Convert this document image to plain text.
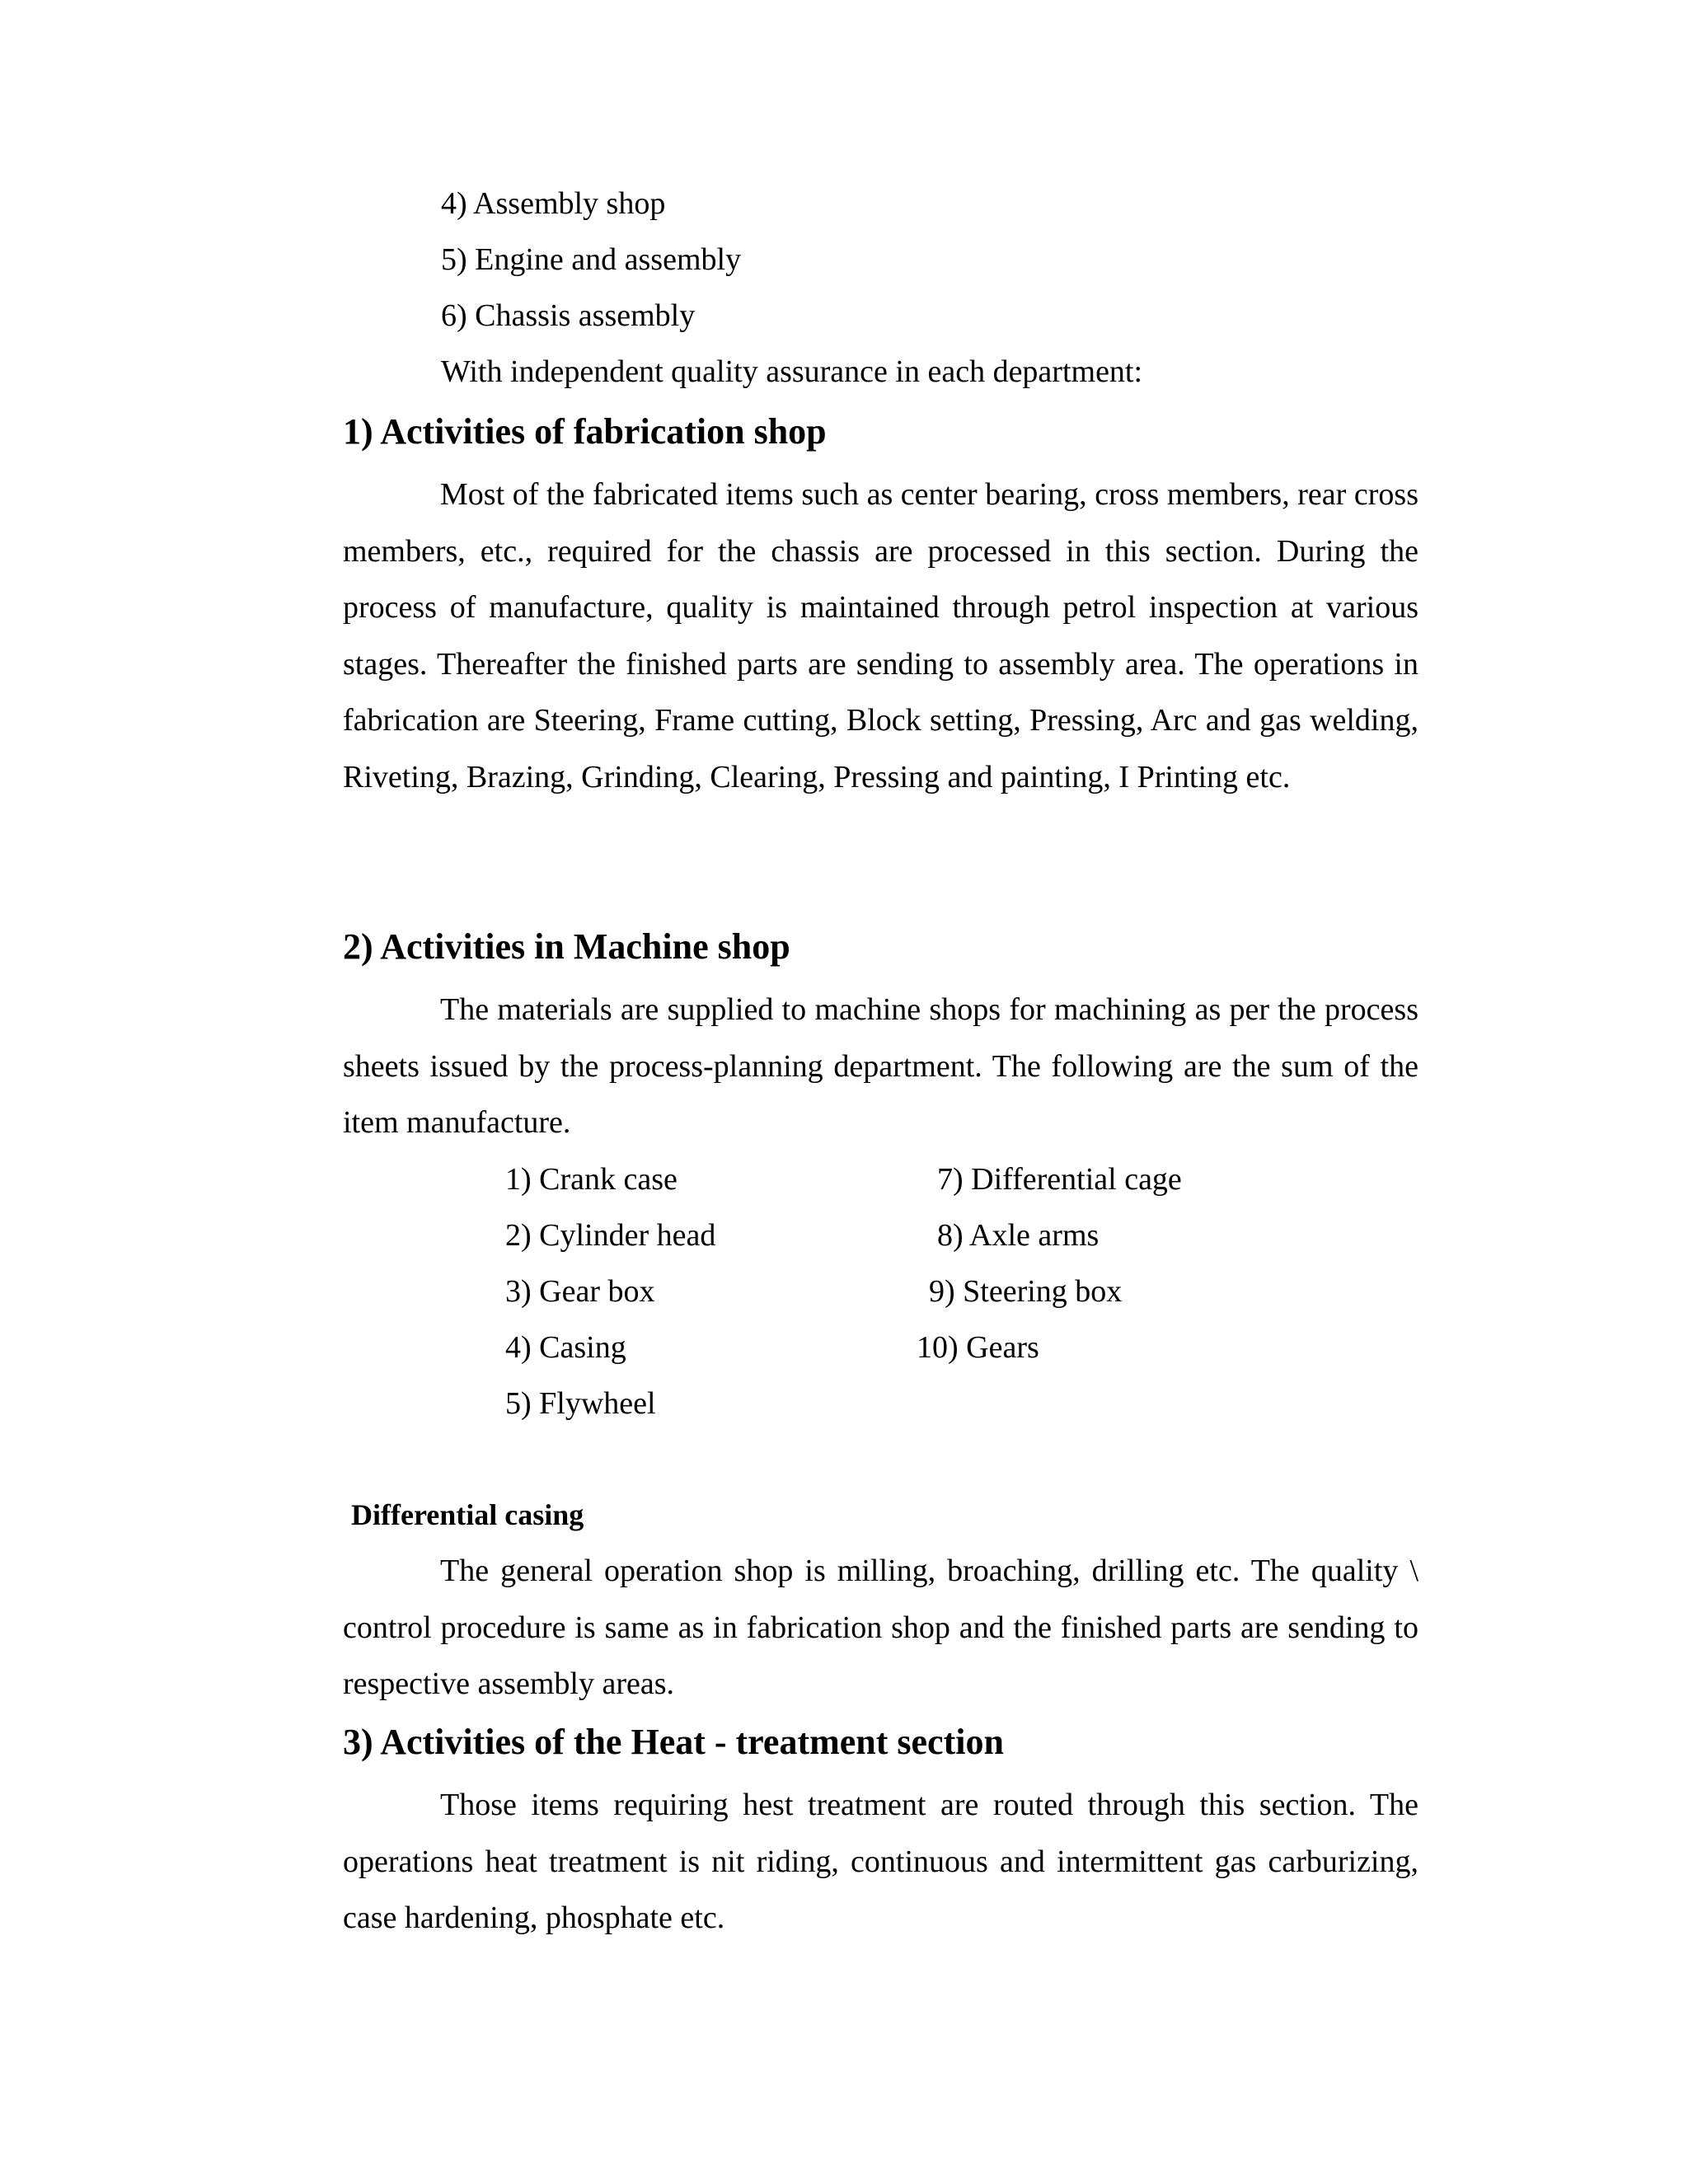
4) Assembly shop
5) Engine and assembly
6) Chassis assembly
With independent quality assurance in each department:
1) Activities of fabrication shop
Most of the fabricated items such as center bearing, cross members, rear cross members, etc., required for the chassis are processed in this section. During the process of manufacture, quality is maintained through petrol inspection at various stages. Thereafter the finished parts are sending to assembly area. The operations in fabrication are Steering, Frame cutting, Block setting, Pressing, Arc and gas welding, Riveting, Brazing, Grinding, Clearing, Pressing and painting, I Printing etc.
2) Activities in Machine shop
The materials are supplied to machine shops for machining as per the process sheets issued by the process-planning department. The following are the sum of the item manufacture.
1) Crank case
2) Cylinder head
3) Gear box
4) Casing
5) Flywheel
7) Differential cage
8) Axle arms
9) Steering box
10) Gears
Differential casing
The general operation shop is milling, broaching, drilling etc. The quality \ control procedure is same as in fabrication shop and the finished parts are sending to respective assembly areas.
3) Activities of the Heat - treatment section
Those items requiring hest treatment are routed through this section. The operations heat treatment is nit riding, continuous and intermittent gas carburizing, case hardening, phosphate etc.
